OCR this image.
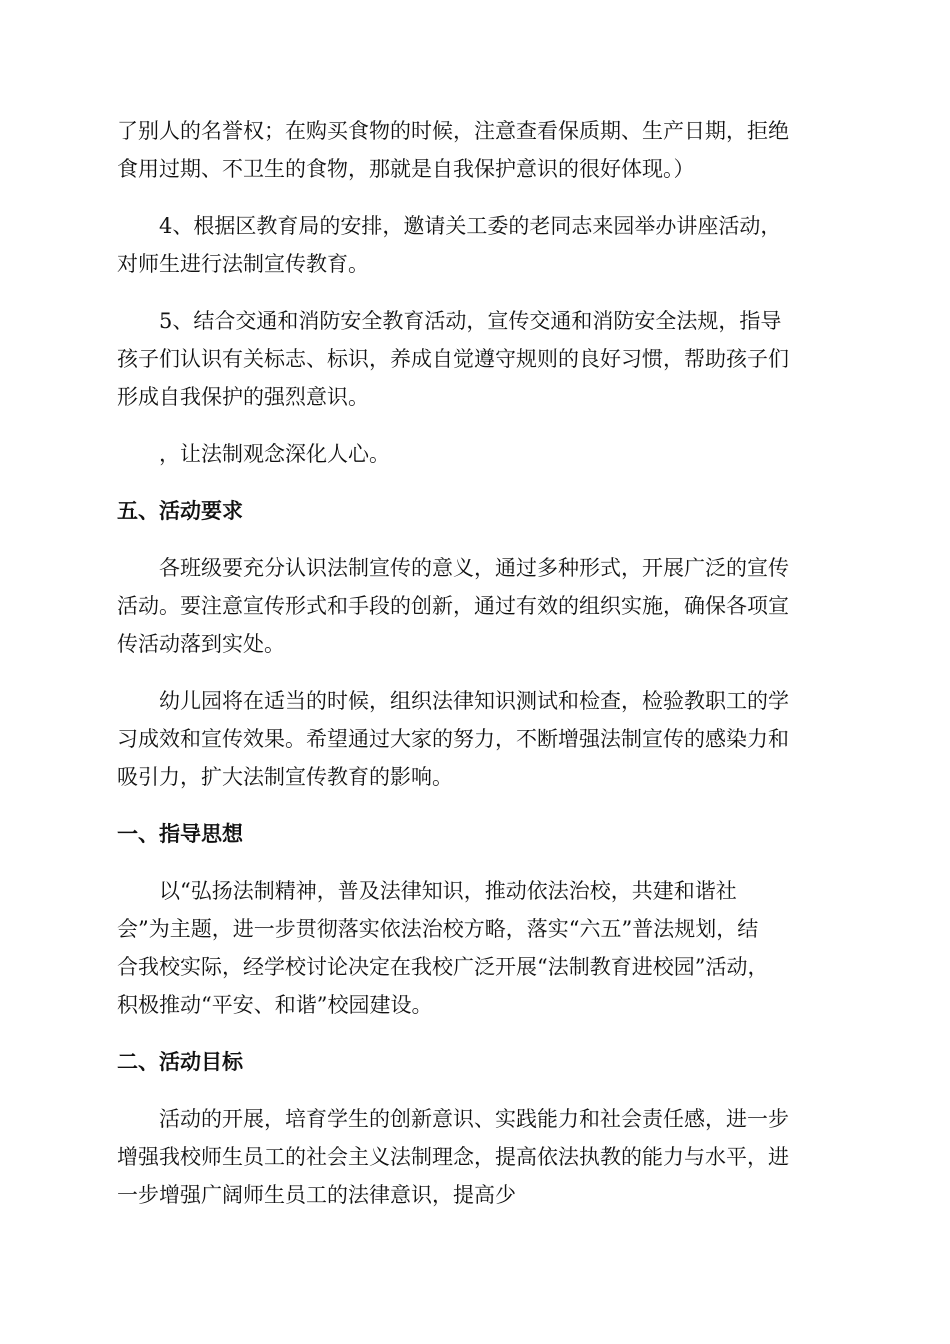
了别人的名誉权；在购买食物的时候，注意查看保质期、生产日期，拒绝
食用过期、不卫生的食物，那就是自我保护意识的很好体现。）
4、根据区教育局的安排，邀请关工委的老同志来园举办讲座活动，
对师生进行法制宣传教育。
5、结合交通和消防安全教育活动，宣传交通和消防安全法规，指导
孩子们认识有关标志、标识，养成自觉遵守规则的良好习惯，帮助孩子们
形成自我保护的强烈意识。
，让法制观念深化人心。
五、活动要求
各班级要充分认识法制宣传的意义，通过多种形式，开展广泛的宣传
活动。要注意宣传形式和手段的创新，通过有效的组织实施，确保各项宣
传活动落到实处。
幼儿园将在适当的时候，组织法律知识测试和检查，检验教职工的学
习成效和宣传效果。希望通过大家的努力，不断增强法制宣传的感染力和
吸引力，扩大法制宣传教育的影响。
一、指导思想
以“弘扬法制精神，普及法律知识，推动依法治校，共建和谐社
会”为主题，进一步贯彻落实依法治校方略，落实“六五”普法规划，结
合我校实际，经学校讨论决定在我校广泛开展“法制教育进校园”活动，
积极推动“平安、和谐”校园建设。
二、活动目标
活动的开展，培育学生的创新意识、实践能力和社会责任感，进一步
增强我校师生员工的社会主义法制理念，提高依法执教的能力与水平，进
一步增强广阔师生员工的法律意识，提高少
